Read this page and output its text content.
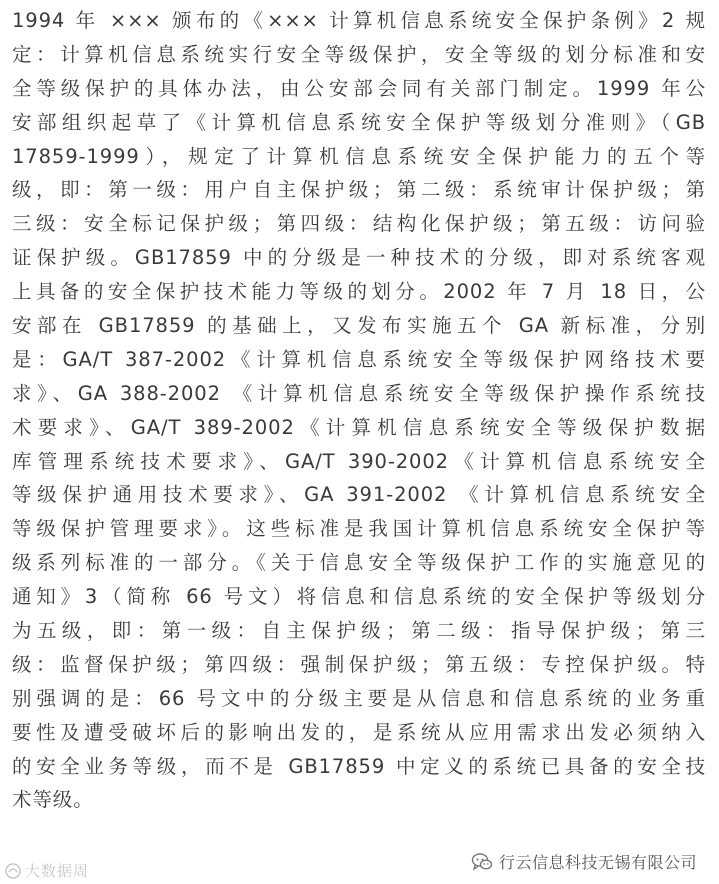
1994 年 ××× 颁布的《××× 计算机信息系统安全保护条例》2 规
定：计算机信息系统实行安全等级保护，安全等级的划分标准和安
全等级保护的具体办法，由公安部会同有关部门制定。1999 年公
安部组织起草了《计算机信息系统安全保护等级划分准则》（GB
17859-1999），规定了计算机信息系统安全保护能力的五个等
级，即：第一级：用户自主保护级；第二级：系统审计保护级；第
三级：安全标记保护级；第四级：结构化保护级；第五级：访问验
证保护级。GB17859 中的分级是一种技术的分级，即对系统客观
上具备的安全保护技术能力等级的划分。2002 年 7 月 18 日，公
安部在 GB17859 的基础上，又发布实施五个 GA 新标准，分别
是：GA/T 387-2002《计算机信息系统安全等级保护网络技术要
求》、GA 388-2002 《计算机信息系统安全等级保护操作系统技
术要求》、GA/T 389-2002《计算机信息系统安全等级保护数据
库管理系统技术要求》、GA/T 390-2002《计算机信息系统安全
等级保护通用技术要求》、GA 391-2002 《计算机信息系统安全
等级保护管理要求》。这些标准是我国计算机信息系统安全保护等
级系列标准的一部分。《关于信息安全等级保护工作的实施意见的
通知》3（简称 66 号文）将信息和信息系统的安全保护等级划分
为五级，即：第一级：自主保护级；第二级：指导保护级；第三
级：监督保护级；第四级：强制保护级；第五级：专控保护级。特
别强调的是：66 号文中的分级主要是从信息和信息系统的业务重
要性及遭受破坏后的影响出发的，是系统从应用需求出发必须纳入
的安全业务等级，而不是 GB17859 中定义的系统已具备的安全技
术等级。
大数据周	行云信息科技无锡有限公司
